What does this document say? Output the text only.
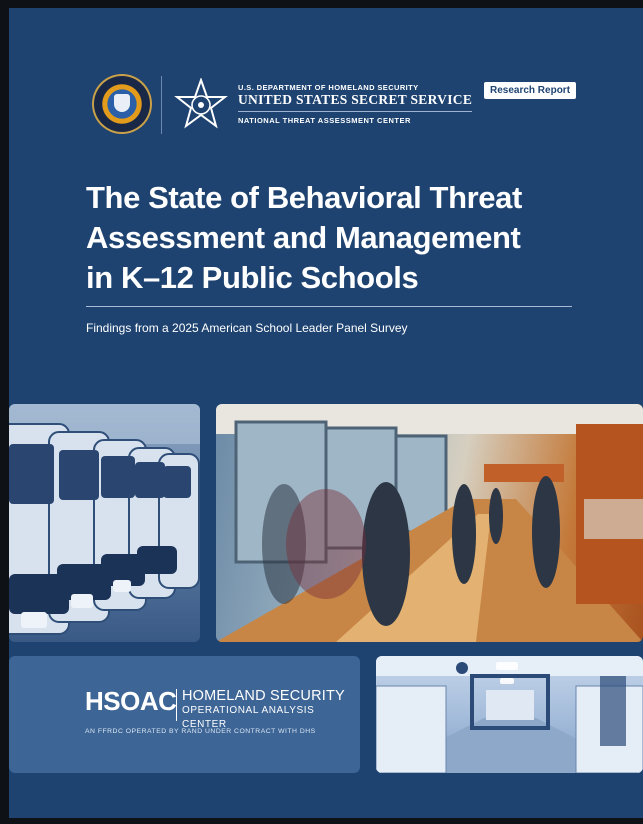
U.S. DEPARTMENT OF HOMELAND SECURITY
UNITED STATES SECRET SERVICE
NATIONAL THREAT ASSESSMENT CENTER
Research Report
The State of Behavioral Threat
Assessment and Management
in K–12 Public Schools
Findings from a 2025 American School Leader Panel Survey
HSOAC HOMELAND SECURITY
OPERATIONAL ANALYSIS CENTER
AN FFRDC OPERATED BY RAND UNDER CONTRACT WITH DHS
